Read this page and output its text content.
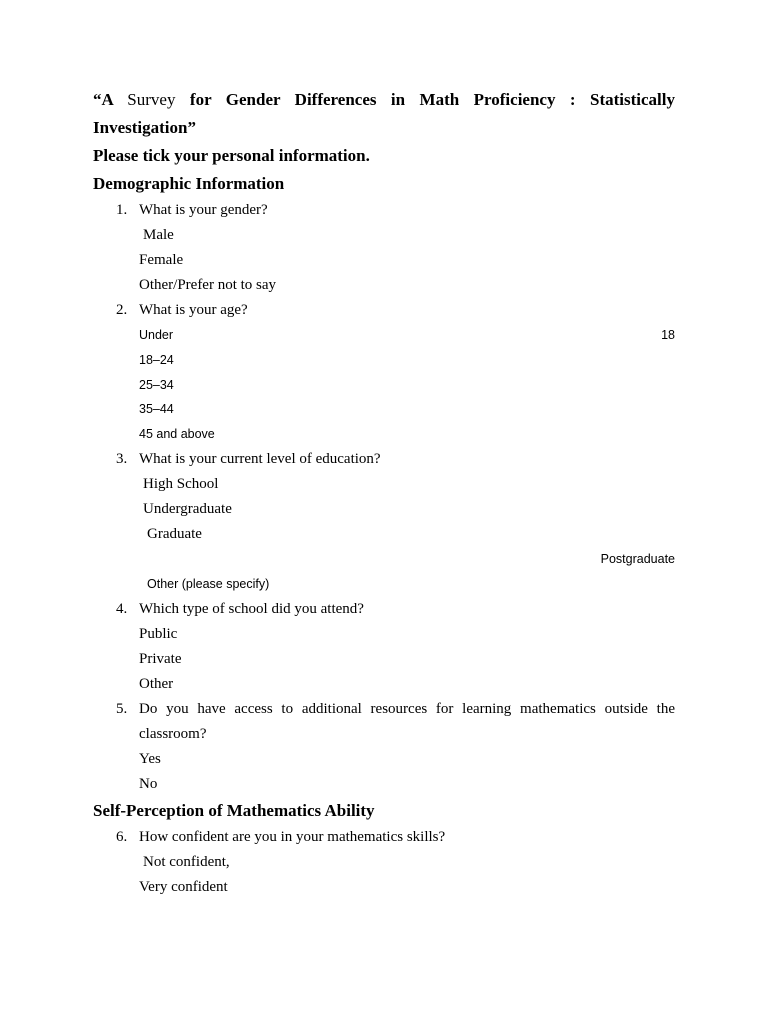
“A Survey for Gender Differences in Math Proficiency : Statistically Investigation”

Please tick your personal information.

Demographic Information

1. What is your gender?

Male

Female

Other/Prefer not to say

2. What is your age?

Under	18

18–24

25–34

35–44

45 and above

3. What is your current level of education?

High School

Undergraduate

Graduate

Postgraduate

Other (please specify)

4. Which type of school did you attend?

Public

Private

Other

5. Do you have access to additional resources for learning mathematics outside the

classroom?

Yes

No

Self-Perception of Mathematics Ability

6. How confident are you in your mathematics skills?

Not confident,

Very confident
